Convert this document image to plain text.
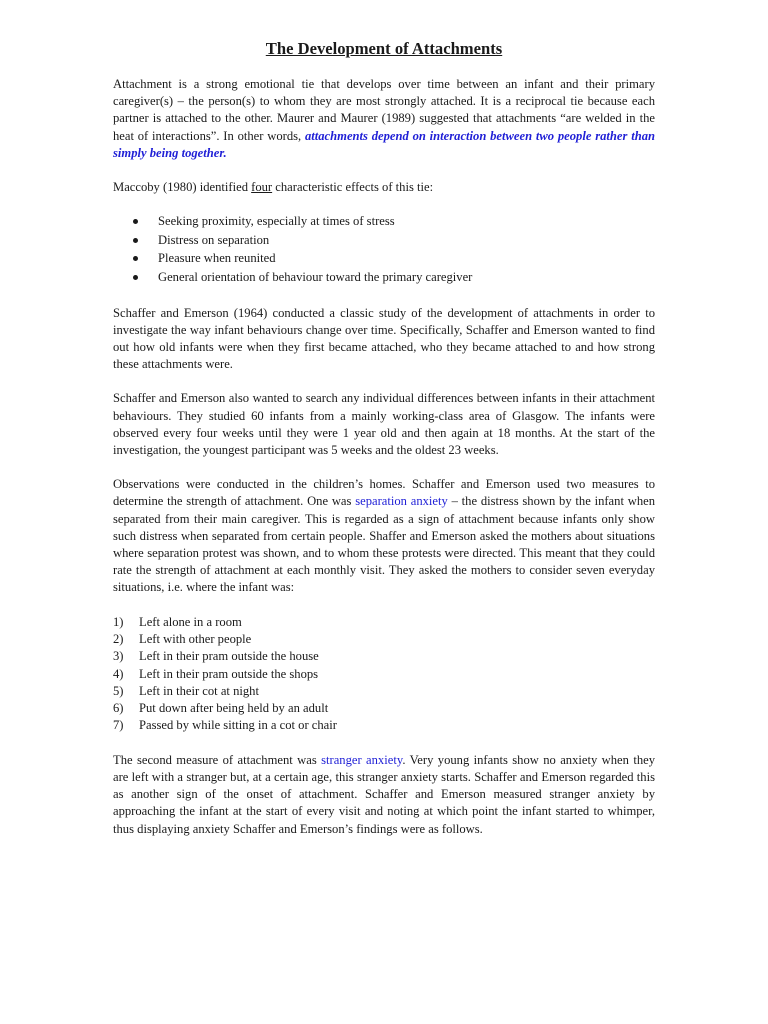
The Development of Attachments

Attachment is a strong emotional tie that develops over time between an infant and their primary caregiver(s) – the person(s) to whom they are most strongly attached. It is a reciprocal tie because each partner is attached to the other. Maurer and Maurer (1989) suggested that attachments “are welded in the heat of interactions”. In other words, attachments depend on interaction between two people rather than simply being together.

Maccoby (1980) identified four characteristic effects of this tie:

Seeking proximity, especially at times of stress
Distress on separation
Pleasure when reunited
General orientation of behaviour toward the primary caregiver

Schaffer and Emerson (1964) conducted a classic study of the development of attachments in order to investigate the way infant behaviours change over time. Specifically, Schaffer and Emerson wanted to find out how old infants were when they first became attached, who they became attached to and how strong these attachments were.

Schaffer and Emerson also wanted to search any individual differences between infants in their attachment behaviours. They studied 60 infants from a mainly working-class area of Glasgow. The infants were observed every four weeks until they were 1 year old and then again at 18 months. At the start of the investigation, the youngest participant was 5 weeks and the oldest 23 weeks.

Observations were conducted in the children’s homes. Schaffer and Emerson used two measures to determine the strength of attachment. One was separation anxiety – the distress shown by the infant when separated from their main caregiver. This is regarded as a sign of attachment because infants only show such distress when separated from certain people. Shaffer and Emerson asked the mothers about situations where separation protest was shown, and to whom these protests were directed. This meant that they could rate the strength of attachment at each monthly visit. They asked the mothers to consider seven everyday situations, i.e. where the infant was:

1) Left alone in a room
2) Left with other people
3) Left in their pram outside the house
4) Left in their pram outside the shops
5) Left in their cot at night
6) Put down after being held by an adult
7) Passed by while sitting in a cot or chair

The second measure of attachment was stranger anxiety. Very young infants show no anxiety when they are left with a stranger but, at a certain age, this stranger anxiety starts. Schaffer and Emerson regarded this as another sign of the onset of attachment. Schaffer and Emerson measured stranger anxiety by approaching the infant at the start of every visit and noting at which point the infant started to whimper, thus displaying anxiety Schaffer and Emerson’s findings were as follows.
